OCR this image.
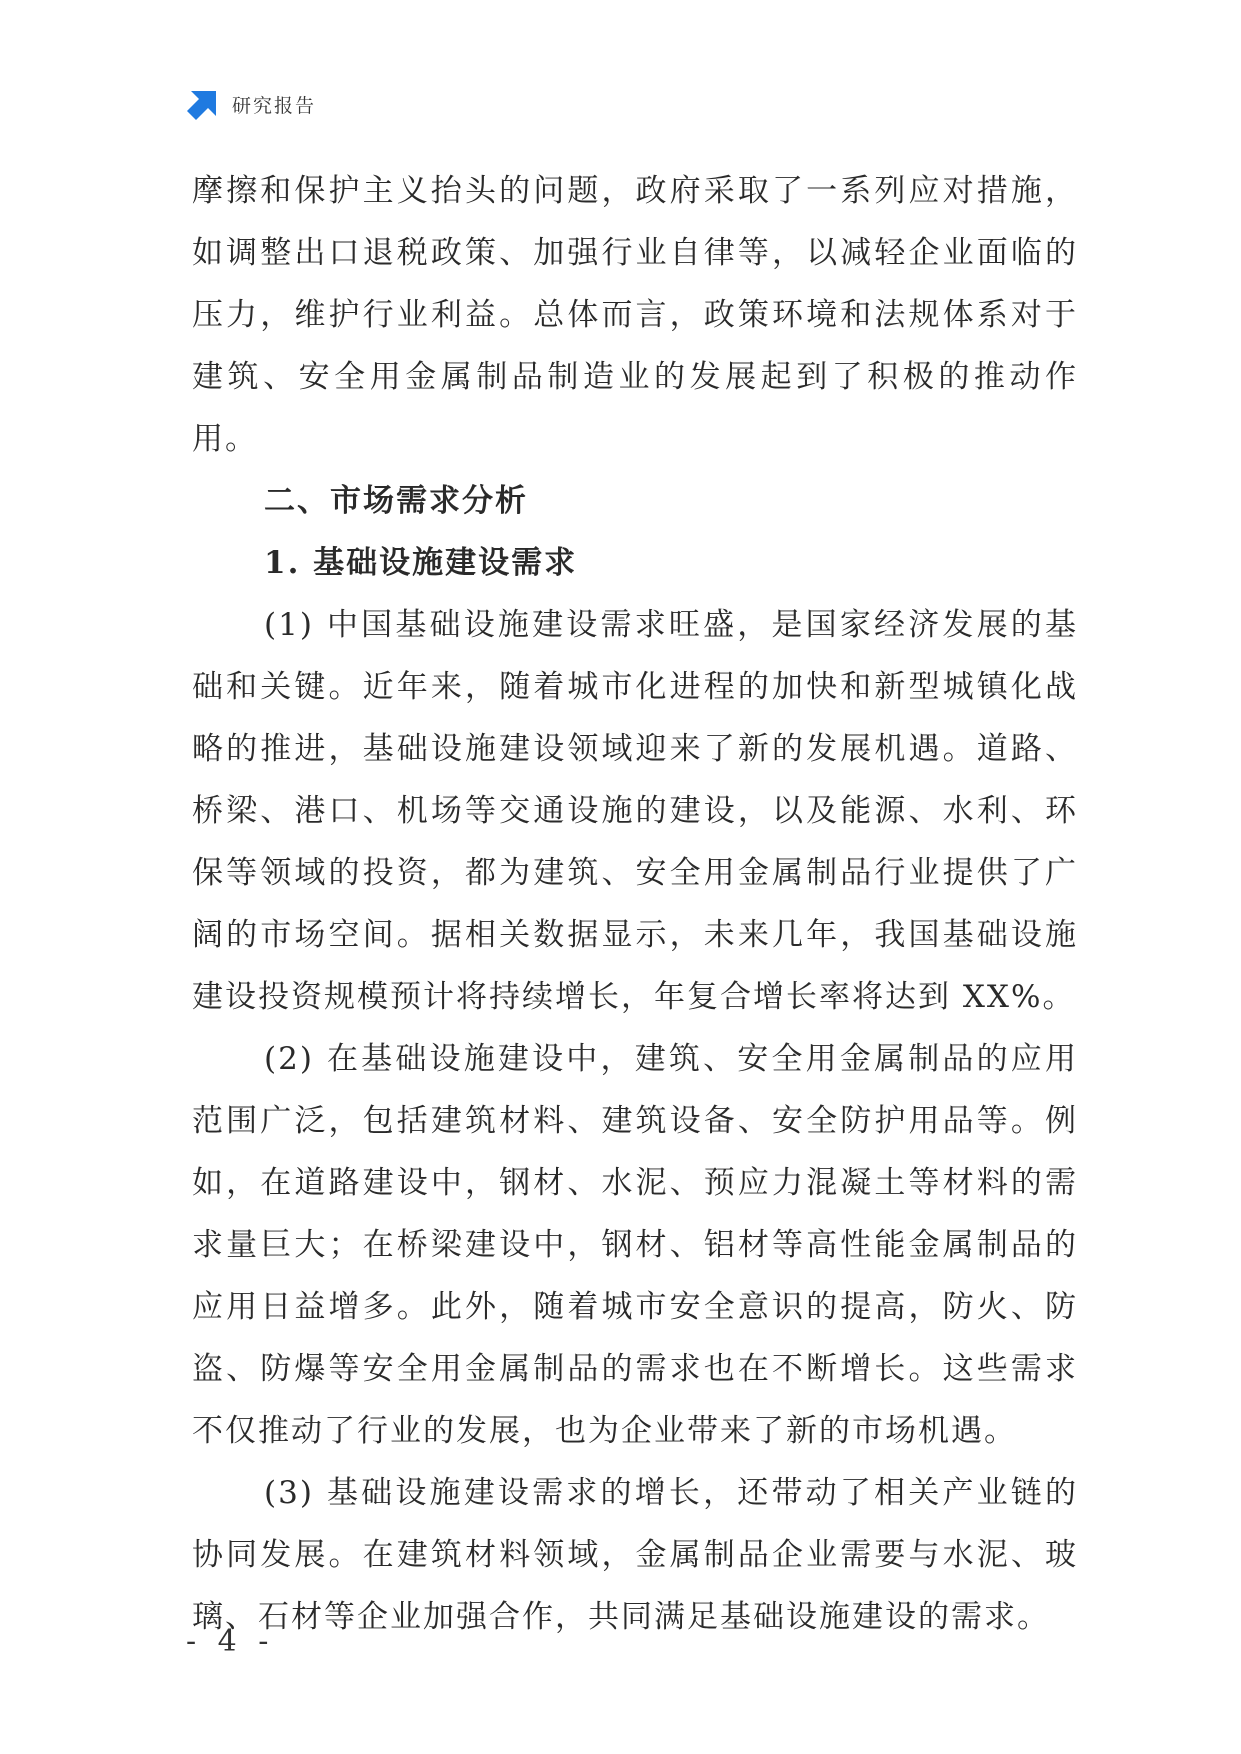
研究报告

摩擦和保护主义抬头的问题，政府采取了一系列应对措施，如调整出口退税政策、加强行业自律等，以减轻企业面临的压力，维护行业利益。总体而言，政策环境和法规体系对于建筑、安全用金属制品制造业的发展起到了积极的推动作用。

二、市场需求分析
1. 基础设施建设需求

(1) 中国基础设施建设需求旺盛，是国家经济发展的基础和关键。近年来，随着城市化进程的加快和新型城镇化战略的推进，基础设施建设领域迎来了新的发展机遇。道路、桥梁、港口、机场等交通设施的建设，以及能源、水利、环保等领域的投资，都为建筑、安全用金属制品行业提供了广阔的市场空间。据相关数据显示，未来几年，我国基础设施建设投资规模预计将持续增长，年复合增长率将达到 XX%。

(2) 在基础设施建设中，建筑、安全用金属制品的应用范围广泛，包括建筑材料、建筑设备、安全防护用品等。例如，在道路建设中，钢材、水泥、预应力混凝土等材料的需求量巨大；在桥梁建设中，钢材、铝材等高性能金属制品的应用日益增多。此外，随着城市安全意识的提高，防火、防盗、防爆等安全用金属制品的需求也在不断增长。这些需求不仅推动了行业的发展，也为企业带来了新的市场机遇。

(3) 基础设施建设需求的增长，还带动了相关产业链的协同发展。在建筑材料领域，金属制品企业需要与水泥、玻璃、石材等企业加强合作，共同满足基础设施建设的需求。

- 4 -
